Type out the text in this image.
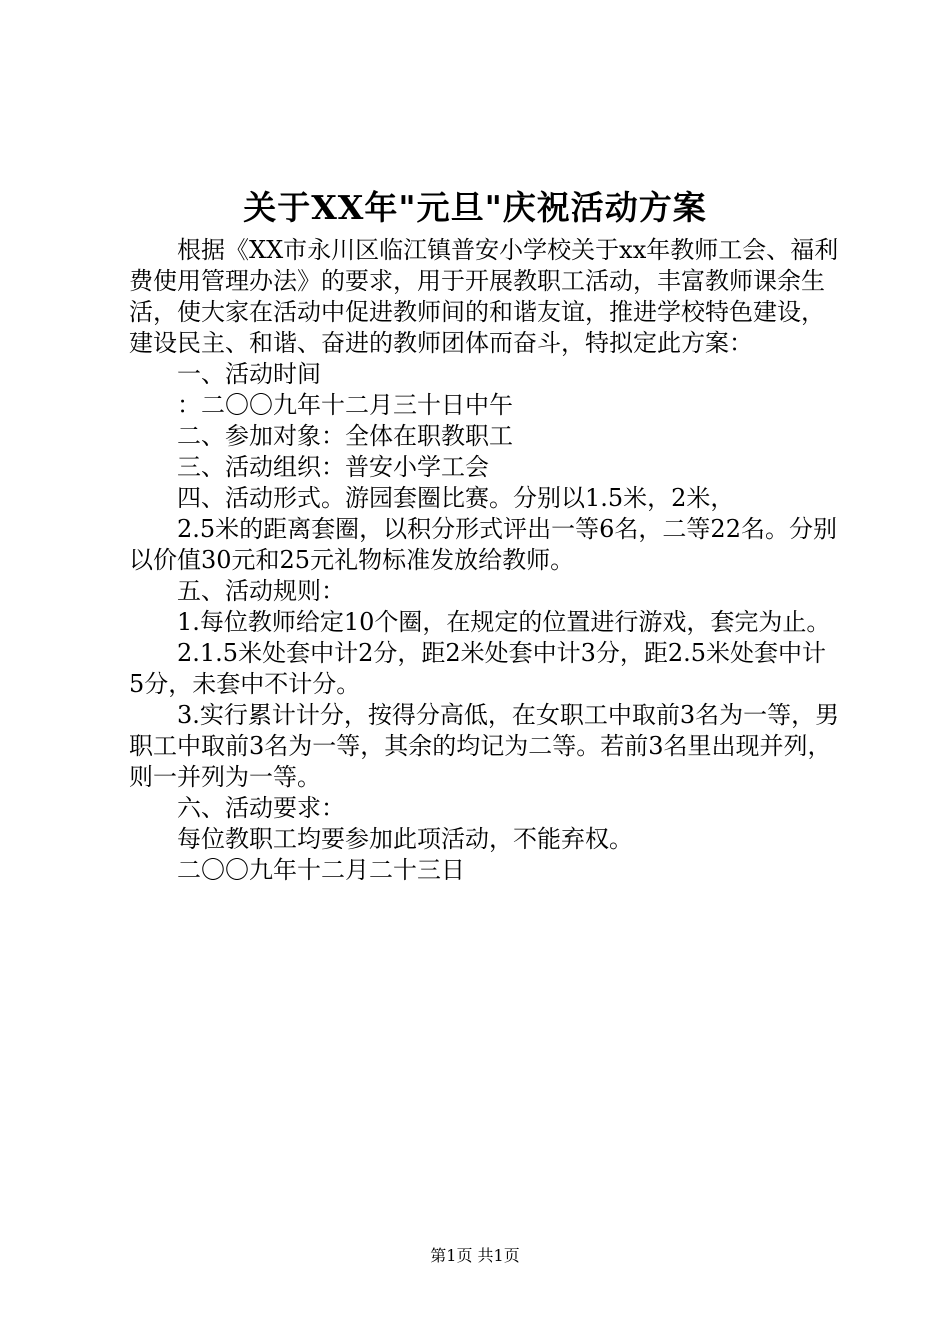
关于XX年"元旦"庆祝活动方案

根据《XX市永川区临江镇普安小学校关于xx年教师工会、福利费使用管理办法》的要求，用于开展教职工活动，丰富教师课余生活，使大家在活动中促进教师间的和谐友谊，推进学校特色建设，建设民主、和谐、奋进的教师团体而奋斗，特拟定此方案：

一、活动时间

：二〇〇九年十二月三十日中午

二、参加对象：全体在职教职工

三、活动组织：普安小学工会

四、活动形式。游园套圈比赛。分别以1.5米，2米，

2.5米的距离套圈，以积分形式评出一等6名，二等22名。分别以价值30元和25元礼物标准发放给教师。

五、活动规则：

1.每位教师给定10个圈，在规定的位置进行游戏，套完为止。

2.1.5米处套中计2分，距2米处套中计3分，距2.5米处套中计5分，未套中不计分。

3.实行累计计分，按得分高低，在女职工中取前3名为一等，男职工中取前3名为一等，其余的均记为二等。若前3名里出现并列，则一并列为一等。

六、活动要求：

每位教职工均要参加此项活动，不能弃权。

二〇〇九年十二月二十三日

第1页 共1页
